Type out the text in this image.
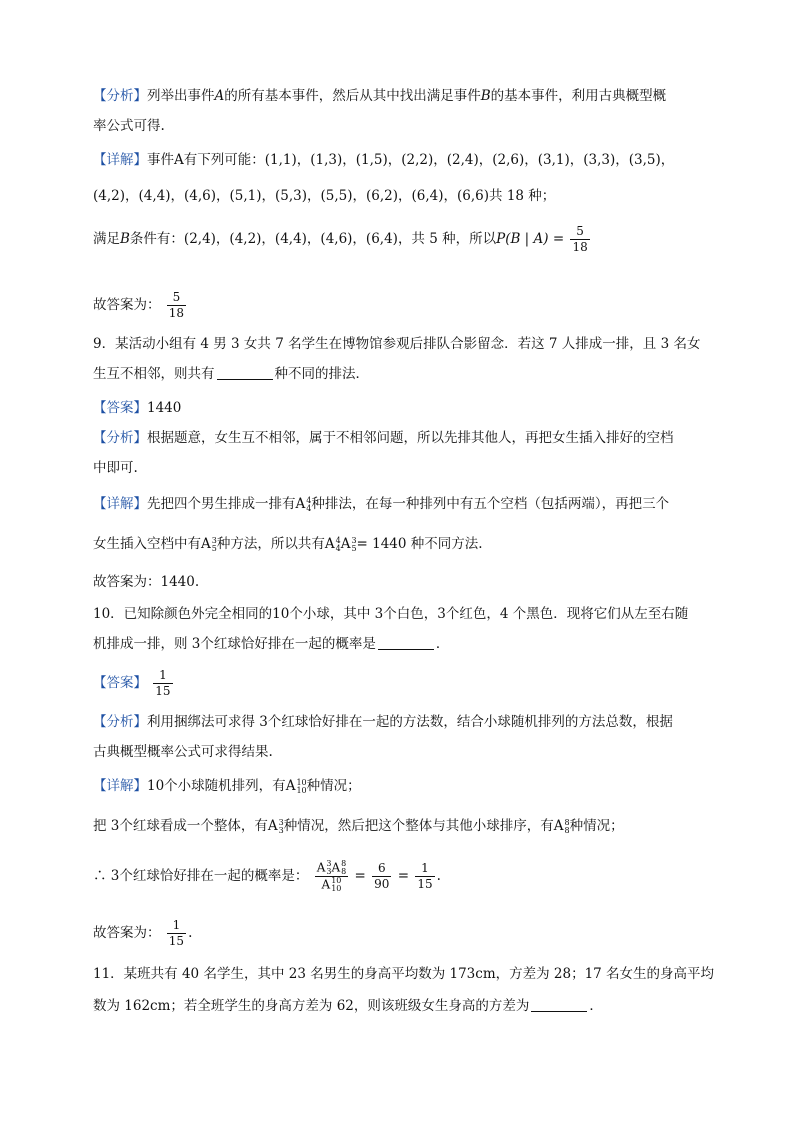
【分析】列举出事件A的所有基本事件，然后从其中找出满足事件B的基本事件，利用古典概型概
率公式可得.
【详解】事件A有下列可能：(1,1)，(1,3)，(1,5)，(2,2)，(2,4)，(2,6)，(3,1)，(3,3)，(3,5)，
(4,2)，(4,4)，(4,6)，(5,1)，(5,3)，(5,5)，(6,2)，(6,4)，(6,6)共 18 种；
满足B条件有：(2,4)，(4,2)，(4,4)，(4,6)，(6,4)，共 5 种，所以P(B | $A) = \frac{5}{18}$
故答案为： $\frac{5}{18}$
9．某活动小组有 4 男 3 女共 7 名学生在博物馆参观后排队合影留念．若这 7 人排成一排，且 3 名女
生互不相邻，则共有	种不同的排法．
【答案】1440
【分析】根据题意，女生互不相邻，属于不相邻问题，所以先排其他人，再把女生插入排好的空档
中即可.
【详解】先把四个男生排成一排有A 4
4 种排法，在每一种排列中有五个空档（包括两端），再把三个
女生插入空档中有A 3
5 种方法，所以共有A 4
4 A 3
5 = 1440 种不同方法.
故答案为：1440.
10．已知除颜色外完全相同的10个小球，其中 3个白色，3个红色，4 个黑色．现将它们从左至右随
机排成一排，则 3个红球恰好排在一起的概率是	．
【答案】 $\frac{1}{15}$
【分析】利用捆绑法可求得 3个红球恰好排在一起的方法数，结合小球随机排列的方法总数，根据
古典概型概率公式可求得结果.
【详解】10个小球随机排列，有A 10
10 种情况；
把 3个红球看成一个整体，有A 3
3 种情况，然后把这个整体与其他小球排序，有A 8
8 种情况；
∴ 3个红球恰好排在一起的概率是： A 3
3 A 8
8
A 10
$10 = \frac{6}{90} = \frac{1}{15}$ .
故答案为： $\frac{1}{15}$ .
11．某班共有 40 名学生，其中 23 名男生的身高平均数为 173cm，方差为 28；17 名女生的身高平均
数为 162cm；若全班学生的身高方差为 62，则该班级女生身高的方差为	．
